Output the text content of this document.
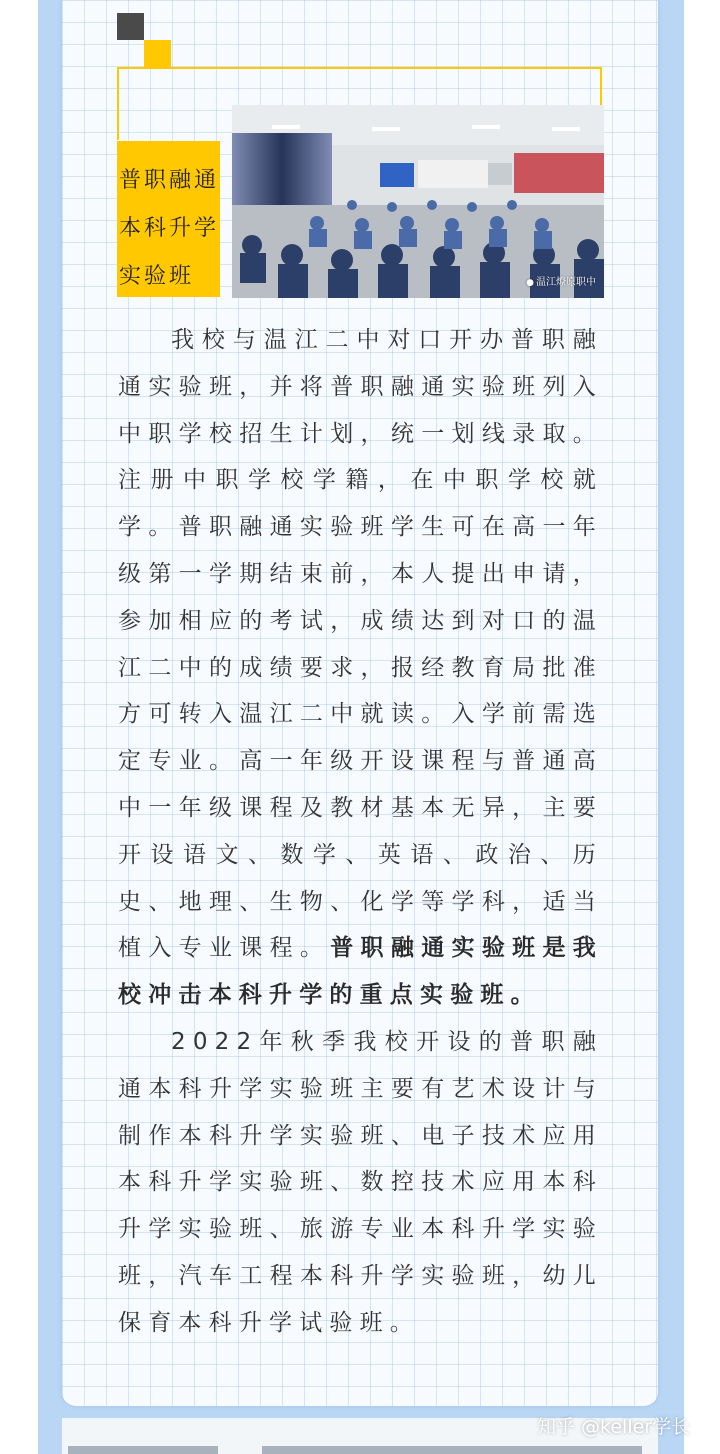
普职融通
本科升学
实验班	● 温江燎原职中

我校与温江二中对口开办普职融通实验班，并将普职融通实验班列入中职学校招生计划，统一划线录取。注册中职学校学籍，在中职学校就学。普职融通实验班学生可在高一年级第一学期结束前，本人提出申请，参加相应的考试，成绩达到对口的温江二中的成绩要求，报经教育局批准方可转入温江二中就读。入学前需选定专业。高一年级开设课程与普通高中一年级课程及教材基本无异，主要开设语文、数学、英语、政治、历史、地理、生物、化学等学科，适当植入专业课程。普职融通实验班是我校冲击本科升学的重点实验班。

2022年秋季我校开设的普职融通本科升学实验班主要有艺术设计与制作本科升学实验班、电子技术应用本科升学实验班、数控技术应用本科升学实验班、旅游专业本科升学实验班，汽车工程本科升学实验班，幼儿保育本科升学试验班。

知乎 @keller学长
